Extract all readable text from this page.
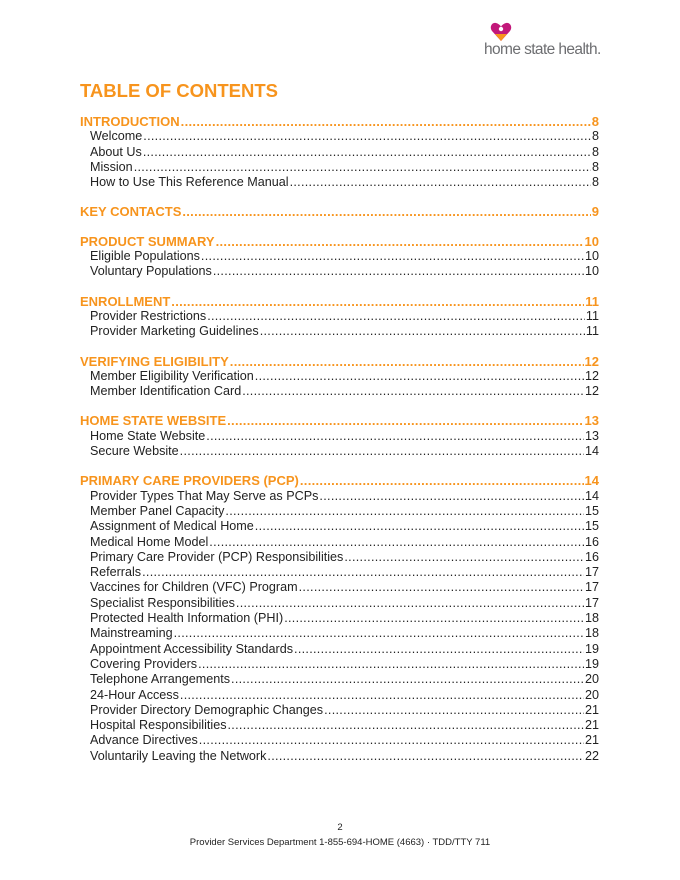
home state health.
TABLE OF CONTENTS
INTRODUCTION .....	8
Welcome .....	8
About Us .....	8
Mission .....	8
How to Use This Reference Manual .....	8
KEY CONTACTS .....	9
PRODUCT SUMMARY .....	10
Eligible Populations .....	10
Voluntary Populations .....	10
ENROLLMENT .....	11
Provider Restrictions .....	11
Provider Marketing Guidelines .....	11
VERIFYING ELIGIBILITY .....	12
Member Eligibility Verification .....	12
Member Identification Card .....	12
HOME STATE WEBSITE .....	13
Home State Website .....	13
Secure Website .....	14
PRIMARY CARE PROVIDERS (PCP) .....	14
Provider Types That May Serve as PCPs .....	14
Member Panel Capacity .....	15
Assignment of Medical Home .....	15
Medical Home Model .....	16
Primary Care Provider (PCP) Responsibilities .....	16
Referrals .....	17
Vaccines for Children (VFC) Program .....	17
Specialist Responsibilities .....	17
Protected Health Information (PHI) .....	18
Mainstreaming .....	18
Appointment Accessibility Standards .....	19
Covering Providers .....	19
Telephone Arrangements .....	20
24-Hour Access .....	20
Provider Directory Demographic Changes .....	21
Hospital Responsibilities .....	21
Advance Directives .....	21
Voluntarily Leaving the Network .....	22
2
Provider Services Department 1-855-694-HOME (4663) · TDD/TTY 711
